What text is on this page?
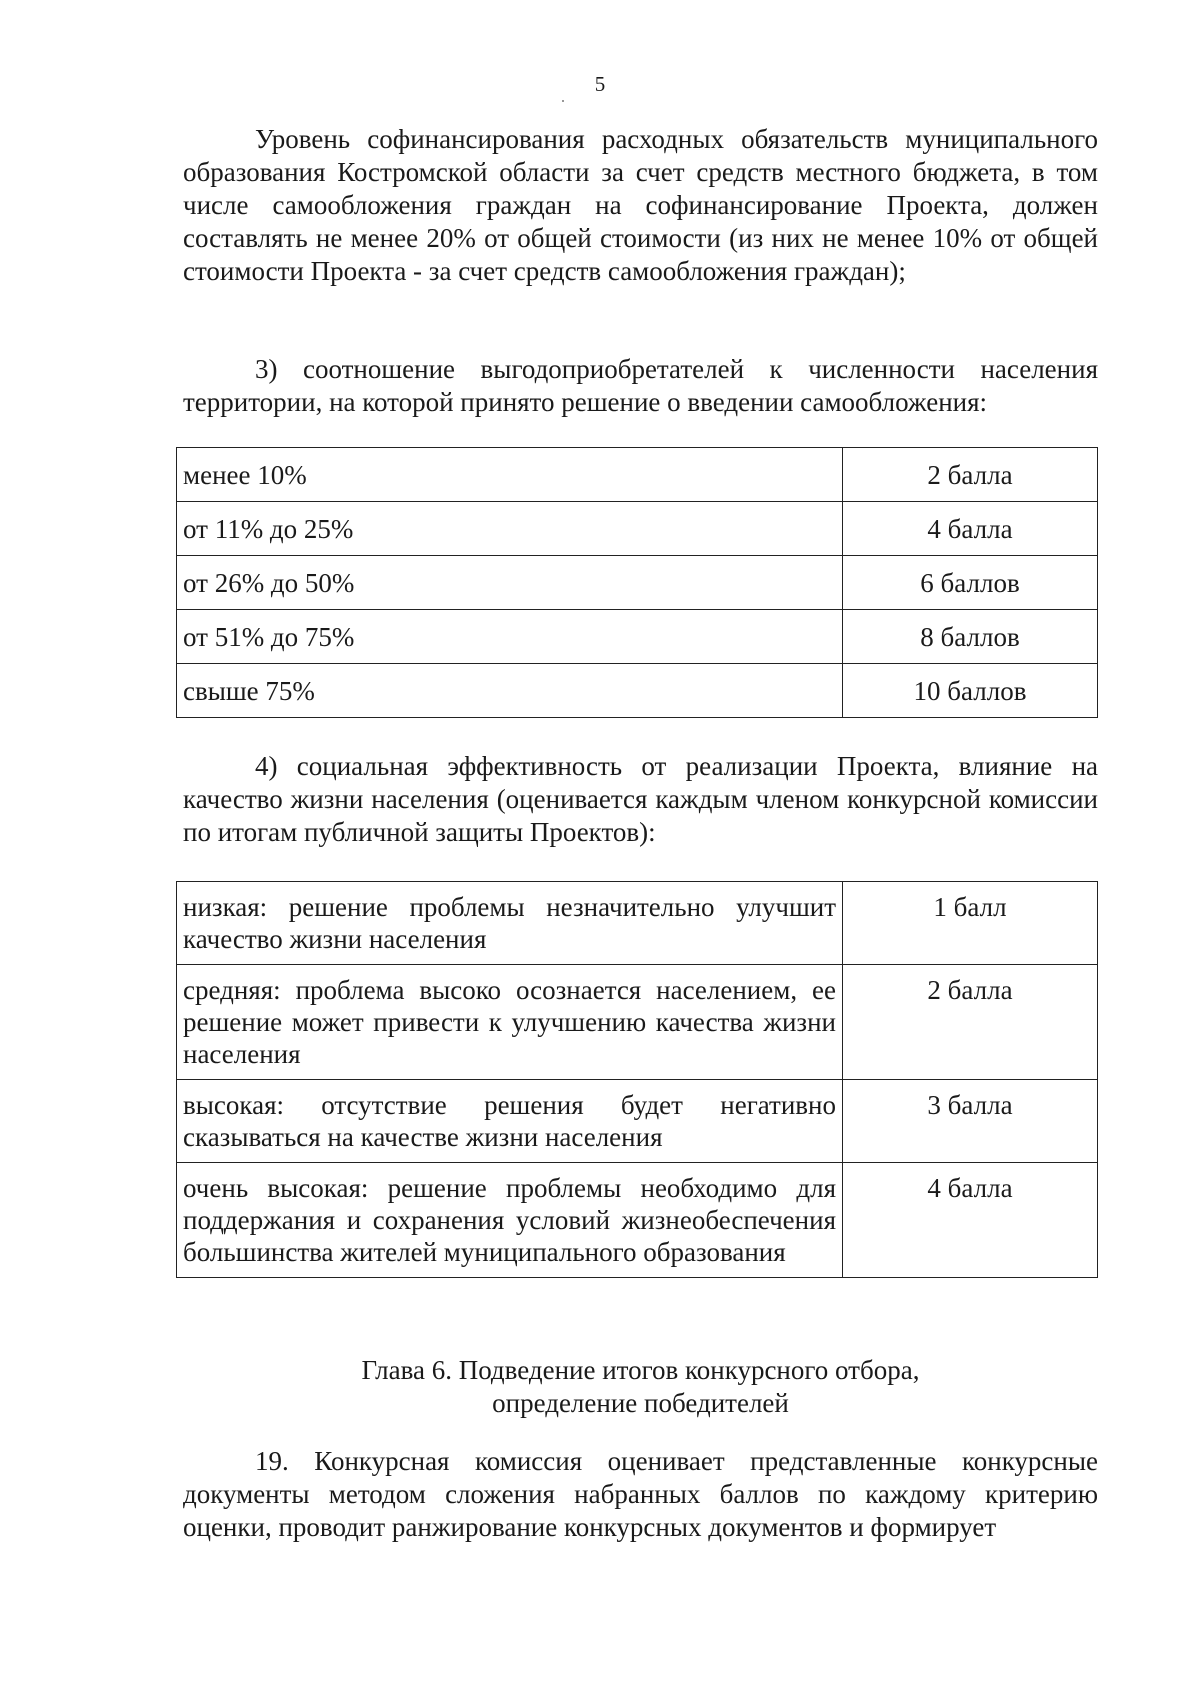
5
Уровень софинансирования расходных обязательств муниципального образования Костромской области за счет средств местного бюджета, в том числе самообложения граждан на софинансирование Проекта, должен составлять не менее 20% от общей стоимости (из них не менее 10% от общей стоимости Проекта - за счет средств самообложения граждан);
3) соотношение выгодоприобретателей к численности населения территории, на которой принято решение о введении самообложения:
менее 10%	2 балла
от 11% до 25%	4 балла
от 26% до 50%	6 баллов
от 51% до 75%	8 баллов
свыше 75%	10 баллов
4) социальная эффективность от реализации Проекта, влияние на качество жизни населения (оценивается каждым членом конкурсной комиссии по итогам публичной защиты Проектов):
низкая: решение проблемы незначительно улучшит качество жизни населения	1 балл
средняя: проблема высоко осознается населением, ее решение может привести к улучшению качества жизни населения	2 балла
высокая: отсутствие решения будет негативно сказываться на качестве жизни населения	3 балла
очень высокая: решение проблемы необходимо для поддержания и сохранения условий жизнеобеспечения большинства жителей муниципального образования	4 балла
Глава 6. Подведение итогов конкурсного отбора,
определение победителей
19. Конкурсная комиссия оценивает представленные конкурсные документы методом сложения набранных баллов по каждому критерию оценки, проводит ранжирование конкурсных документов и формирует
